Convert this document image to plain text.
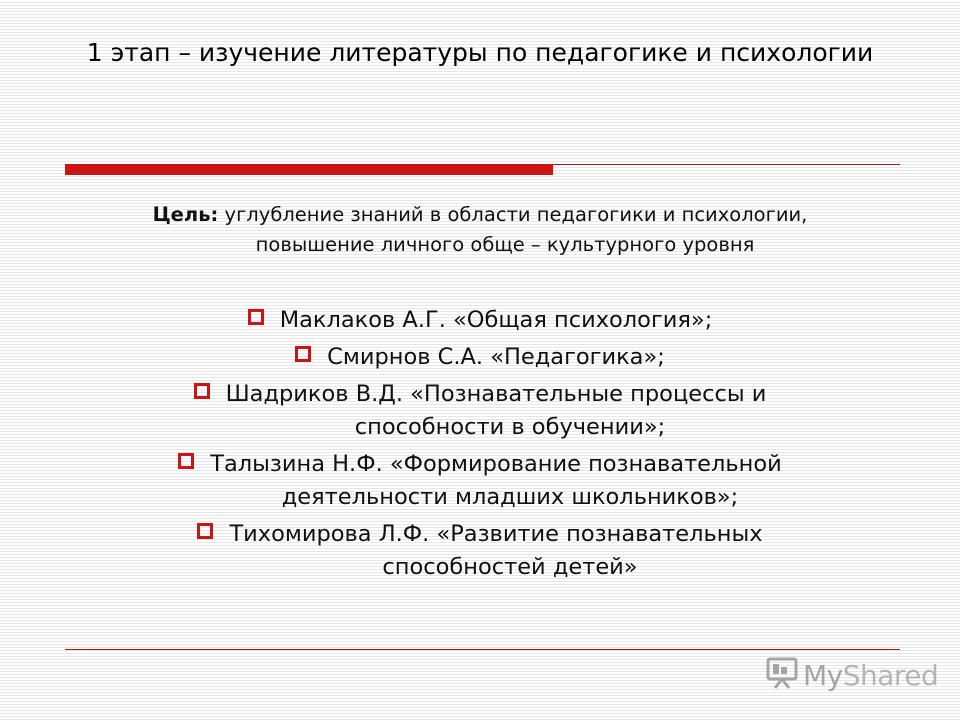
1 этап – изучение литературы по педагогике и психологии
Цель: углубление знаний в области педагогики и психологии,
повышение личного обще – культурного уровня
Маклаков А.Г. «Общая психология»;
Смирнов С.А. «Педагогика»;
Шадриков В.Д. «Познавательные процессы и
способности в обучении»;
Талызина Н.Ф. «Формирование познавательной
деятельности младших школьников»;
Тихомирова Л.Ф. «Развитие познавательных
способностей детей»
MyShared
